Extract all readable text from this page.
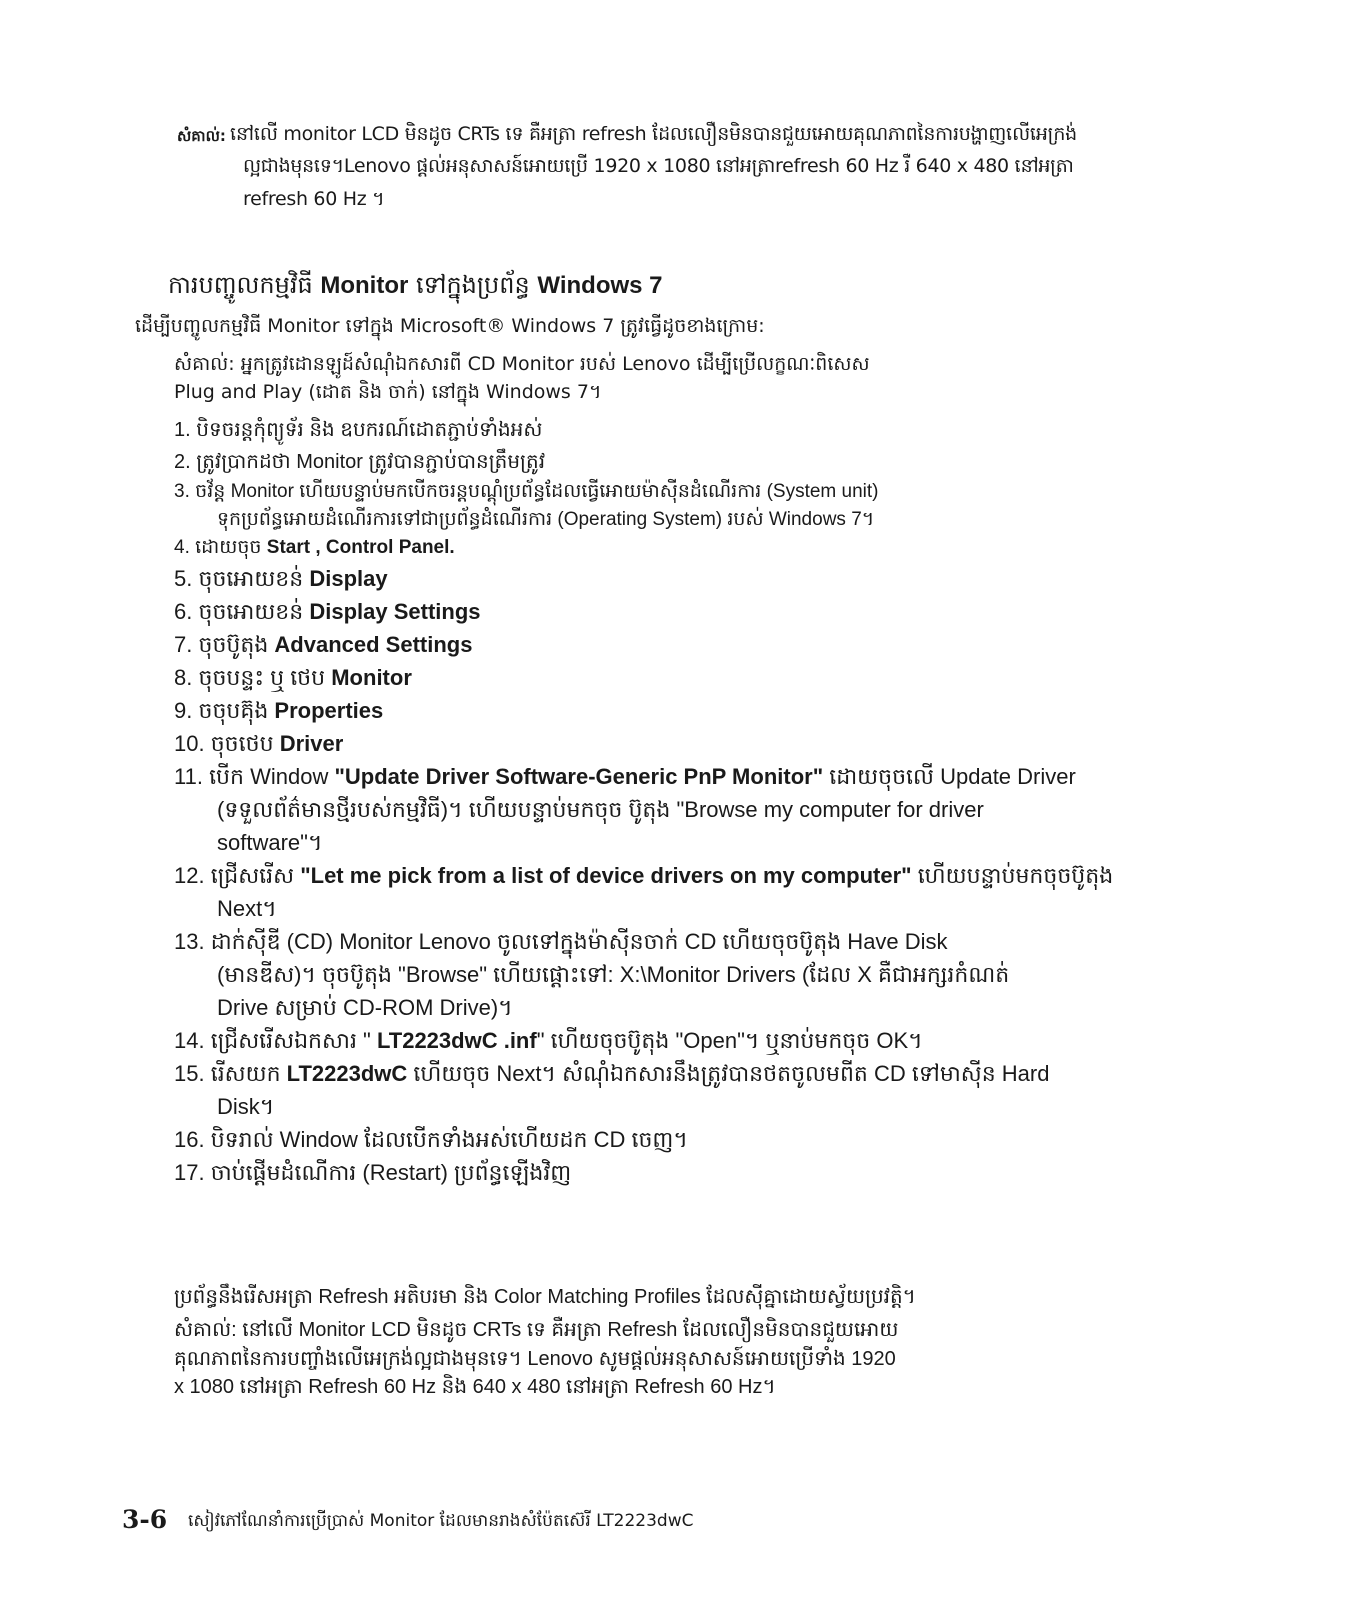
សំគាល់: នៅលើ monitor LCD មិនដូច CRTs ទេ គឺអត្រា refresh ដែលលឿនមិនបានជួយអោយគុណភាពនៃការបង្ហាញលើអេក្រង់
ល្អជាងមុនទេ។Lenovo ផ្តល់អនុសាសន៍អោយប្រើ 1920 x 1080 នៅអត្រាrefresh 60 Hz រឺ 640 x 480 នៅអត្រា
refresh 60 Hz ។
ការបញ្ចូលកម្មវិធី Monitor ទៅក្នុងប្រព័ន្ធ Windows 7
ដើម្បីបញ្ចូលកម្មវិធី Monitor ទៅក្នុង Microsoft® Windows 7 ត្រូវធ្វើដូចខាងក្រោម:
សំគាល់: អ្នកត្រូវដោនឡូដ៍សំណុំឯកសារពី CD Monitor របស់ Lenovo ដើម្បីប្រើលក្ខណៈពិសេស
Plug and Play (ដោត និង ចាក់) នៅក្នុង Windows 7។
1. បិទចរន្តកុំព្យូទ័រ និង ឧបករណ៍ដោតភ្ជាប់ទាំងអស់
2. ត្រូវប្រាកដថា Monitor ត្រូវបានភ្ជាប់បានត្រឹមត្រូវ
3. ចវ័ន្ត Monitor ហើយបន្ទាប់មកបើកចរន្តបណ្តុំប្រព័ន្ធដែលធ្វើអោយម៉ាស៊ីនដំណើរការ (System unit)
ទុកប្រព័ន្ធអោយដំណើរការទៅជាប្រព័ន្ធដំណើរការ (Operating System) របស់ Windows 7។
4. ដោយចុច Start , Control Panel.
5. ចុចអោយខន់ Display
6. ចុចអោយខន់ Display Settings
7. ចុចប៊ូតុង Advanced Settings
8. ចុចបន្ទះ ឬ ថេប Monitor
9. ចចុបគ៊ុង Properties
10. ចុចថេប Driver
11. បើក Window "Update Driver Software-Generic PnP Monitor" ដោយចុចលើ Update Driver
(ទទួលព័ត៌មានថ្មីរបស់កម្មវិធី)។ ហើយបន្ទាប់មកចុច ប៊ូតុង "Browse my computer for driver
software"។
12. ជ្រើសរើស "Let me pick from a list of device drivers on my computer" ហើយបន្ទាប់មកចុចប៊ូតុង
Next។
13. ដាក់ស៊ីឌី (CD) Monitor Lenovo ចូលទៅក្នុងម៉ាស៊ីនចាក់ CD ហើយចុចប៊ូតុង Have Disk
(មានឌីស)។ ចុចប៊ូតុង "Browse" ហើយផ្តោះទៅ: X:\Monitor Drivers (ដែល X គឺជាអក្សរកំណត់
Drive សម្រាប់ CD-ROM Drive)។
14. ជ្រើសរើសឯកសារ " LT2223dwC .inf" ហើយចុចប៊ូតុង "Open"។ ឬនាប់មកចុច OK។
15. រើសយក LT2223dwC ហើយចុច Next។ សំណុំឯកសារនឹងត្រូវបានថតចូលមពីត CD ទៅមាស៊ីន Hard
Disk។
16. បិទរាល់ Window ដែលបើកទាំងអស់ហើយដក CD ចេញ។
17. ចាប់ផ្តើមដំណើការ (Restart) ប្រព័ន្ធឡើងវិញ
ប្រព័ន្ធនឹងរើសអត្រា Refresh អតិបរមា និង Color Matching Profiles ដែលស៊ីគ្នាដោយស្វ័យប្រវត្តិ។
សំគាល់: នៅលើ Monitor LCD មិនដូច CRTs ទេ គឺអត្រា Refresh ដែលលឿនមិនបានជួយអោយ
គុណភាពនៃការបញ្ចាំងលើអេក្រង់ល្អជាងមុនទេ។ Lenovo សូមផ្តល់អនុសាសន៍អោយប្រើទាំង 1920
x 1080 នៅអត្រា Refresh 60 Hz និង 640 x 480 នៅអត្រា Refresh 60 Hz។
3-6 សៀវភៅណែនាំការប្រើប្រាស់ Monitor ដែលមានរាងសំប៉ែតស៊េរី LT2223dwC
